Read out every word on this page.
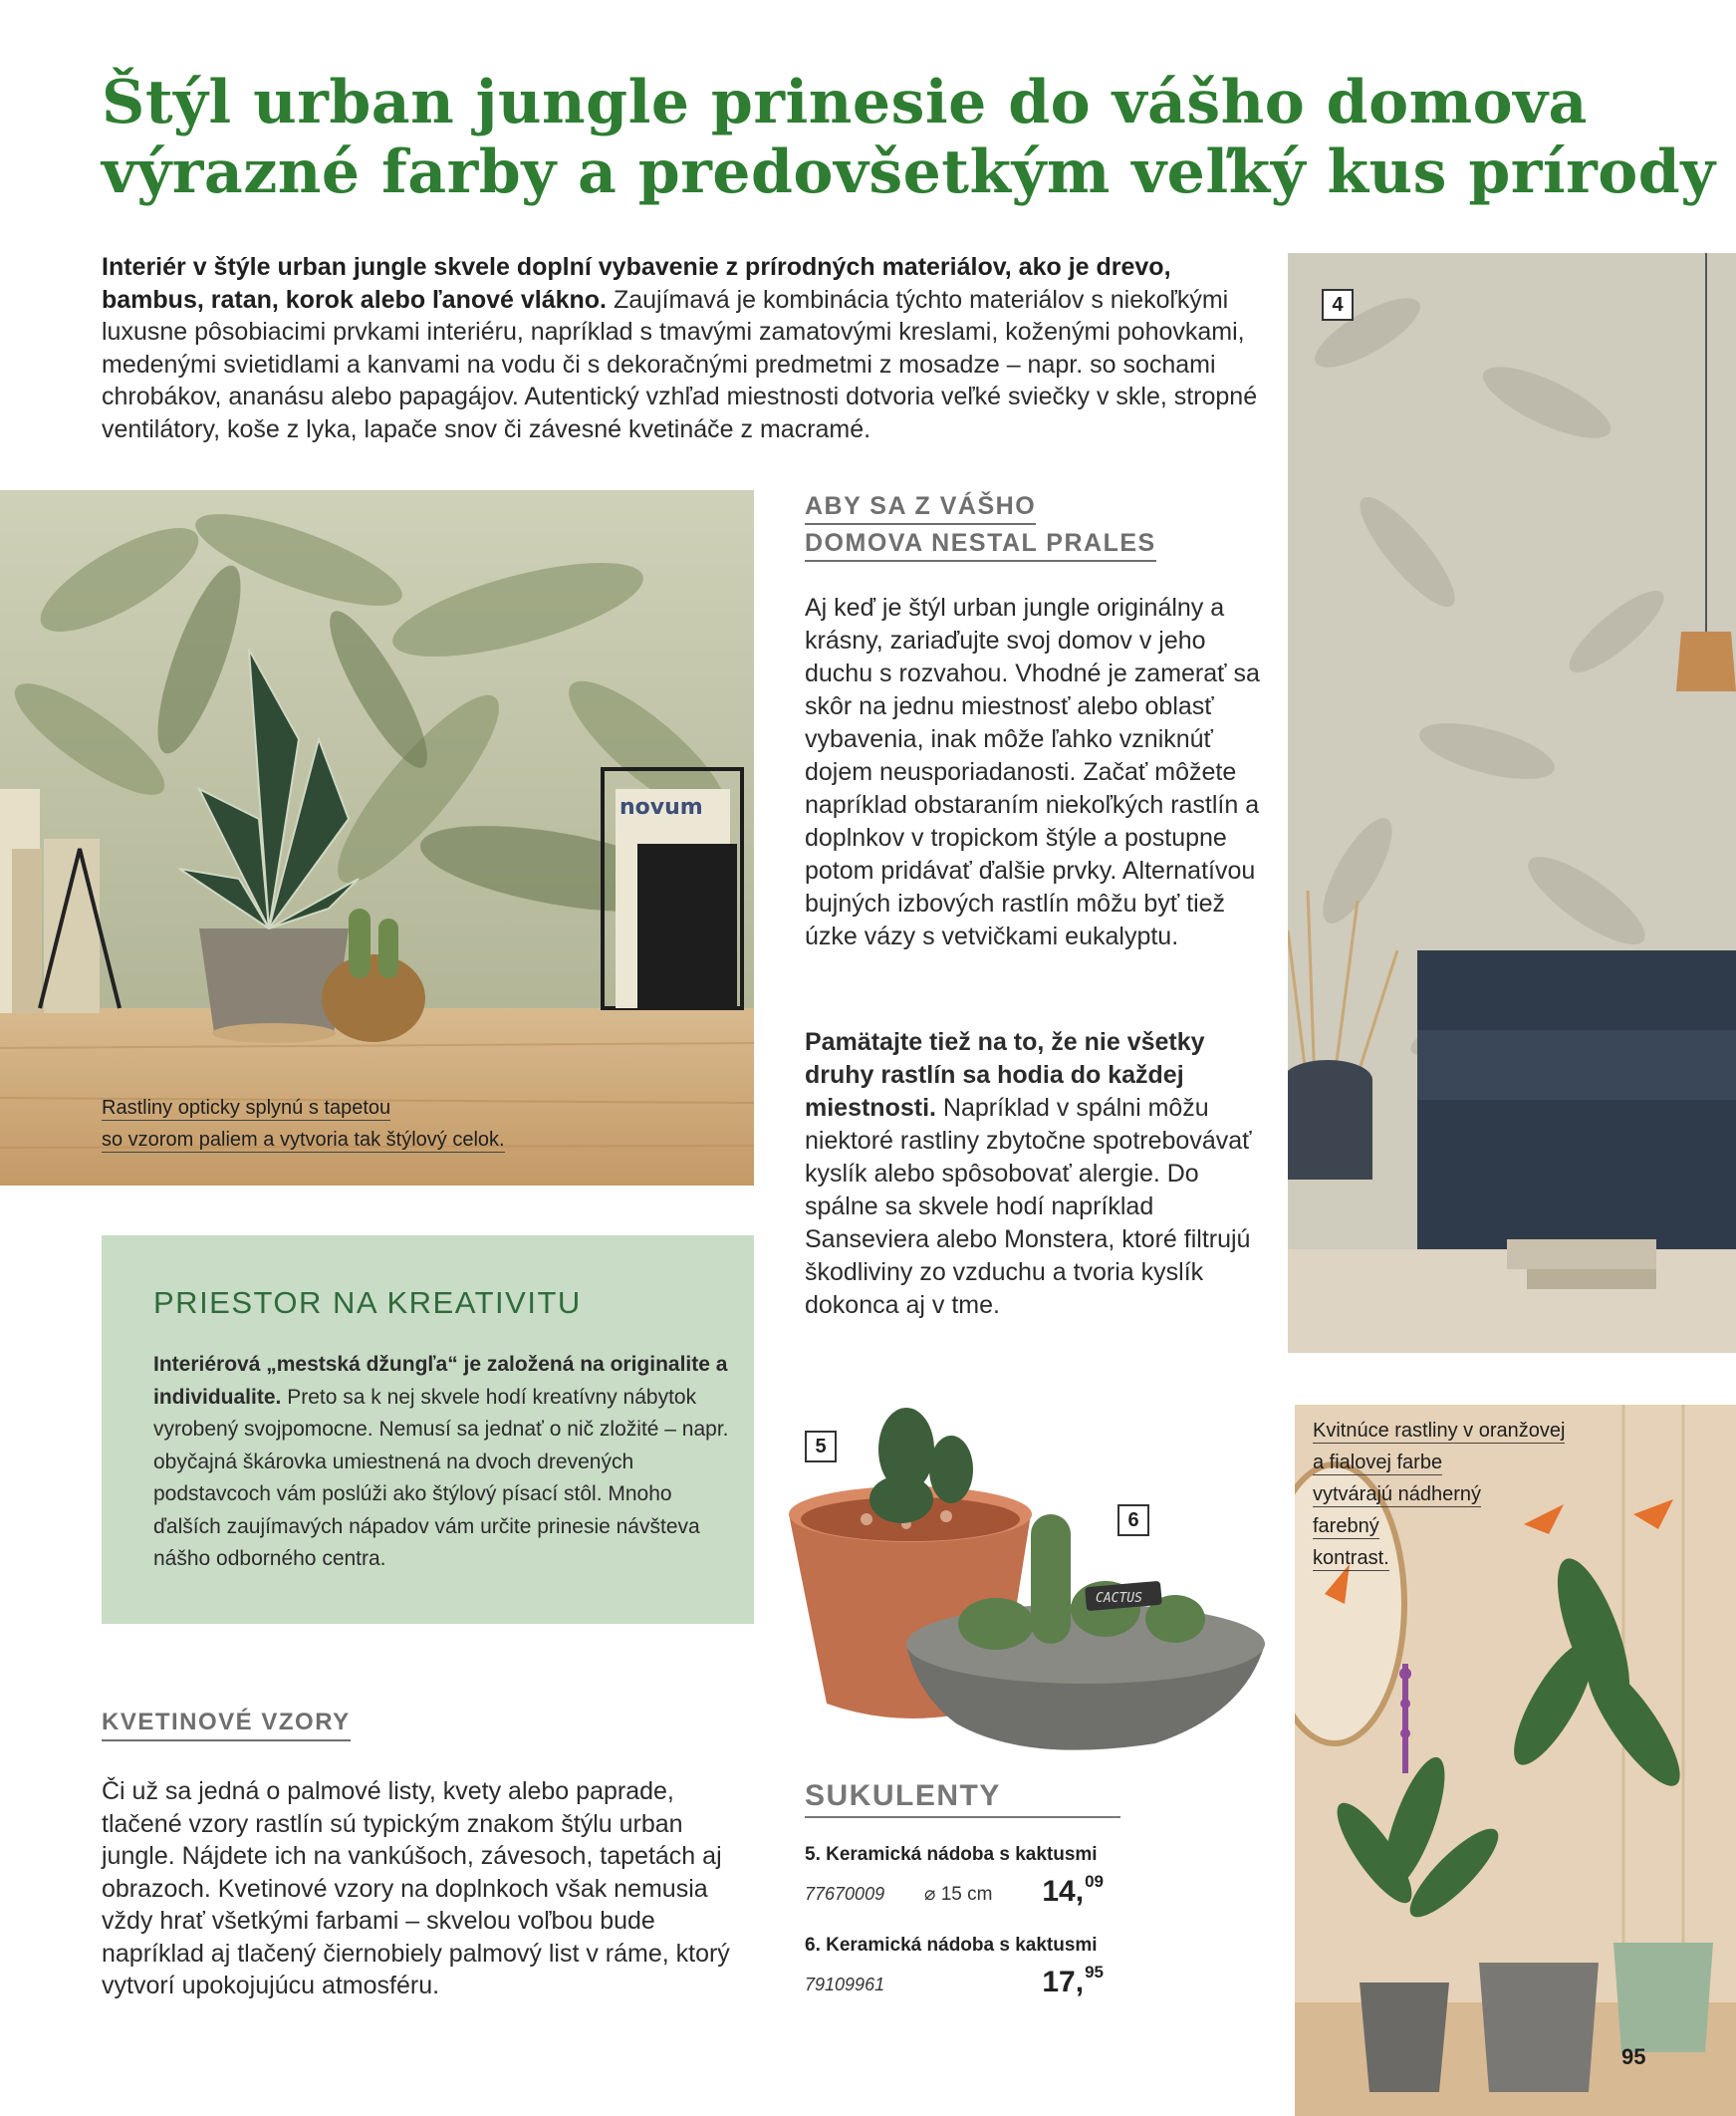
Štýl urban jungle prinesie do vášho domova
výrazné farby a predovšetkým veľký kus prírody
Interiér v štýle urban jungle skvele doplní vybavenie z prírodných materiálov, ako je drevo, bambus, ratan, korok alebo ľanové vlákno. Zaujímavá je kombinácia týchto materiálov s niekoľkými luxusne pôsobiacimi prvkami interiéru, napríklad s tmavými zamatovými kreslami, koženými pohovkami, medenými svietidlami a kanvami na vodu či s dekoračnými predmetmi z mosadze – napr. so sochami chrobákov, ananásu alebo papagájov. Autentický vzhľad miestnosti dotvoria veľké sviečky v skle, stropné ventilátory, koše z lyka, lapače snov či závesné kvetináče z macramé.
novum
Rastliny opticky splynú s tapetou
so vzorom paliem a vytvoria tak štýlový celok.
4
ABY SA Z VÁŠHO
DOMOVA NESTAL PRALES
Aj keď je štýl urban jungle originálny a krásny, zariaďujte svoj domov v jeho duchu s rozvahou. Vhodné je zamerať sa skôr na jednu miestnosť alebo oblasť vybavenia, inak môže ľahko vzniknúť dojem neusporiadanosti. Začať môžete napríklad obstaraním niekoľkých rastlín a doplnkov v tropickom štýle a postupne potom pridávať ďalšie prvky. Alternatívou bujných izbových rastlín môžu byť tiež úzke vázy s vetvičkami eukalyptu.
Pamätajte tiež na to, že nie všetky druhy rastlín sa hodia do každej miestnosti. Napríklad v spálni môžu niektoré rastliny zbytočne spotrebovávať kyslík alebo spôsobovať alergie. Do spálne sa skvele hodí napríklad Sanseviera alebo Monstera, ktoré filtrujú škodliviny zo vzduchu a tvoria kyslík dokonca aj v tme.
PRIESTOR NA KREATIVITU
Interiérová „mestská džungľa“ je založená na originalite a individualite. Preto sa k nej skvele hodí kreatívny nábytok vyrobený svojpomocne. Nemusí sa jednať o nič zložité – napr. obyčajná škárovka umiestnená na dvoch drevených podstavcoch vám poslúži ako štýlový písací stôl. Mnoho ďalších zaujímavých nápadov vám určite prinesie návšteva nášho odborného centra.
KVETINOVÉ VZORY
Či už sa jedná o palmové listy, kvety alebo paprade, tlačené vzory rastlín sú typickým znakom štýlu urban jungle. Nájdete ich na vankúšoch, závesoch, tapetách aj obrazoch. Kvetinové vzory na doplnkoch však nemusia vždy hrať všetkými farbami – skvelou voľbou bude napríklad aj tlačený čiernobiely palmový list v ráme, ktorý vytvorí upokojujúcu atmosféru.
CACTUS
5
6
SUKULENTY
5. Keramická nádoba s kaktusmi
77670009 ⌀ 15 cm 14,09
6. Keramická nádoba s kaktusmi
79109961	17,95
Kvitnúce rastliny v oranžovej
a fialovej farbe
vytvárajú nádherný
farebný
kontrast.
95
